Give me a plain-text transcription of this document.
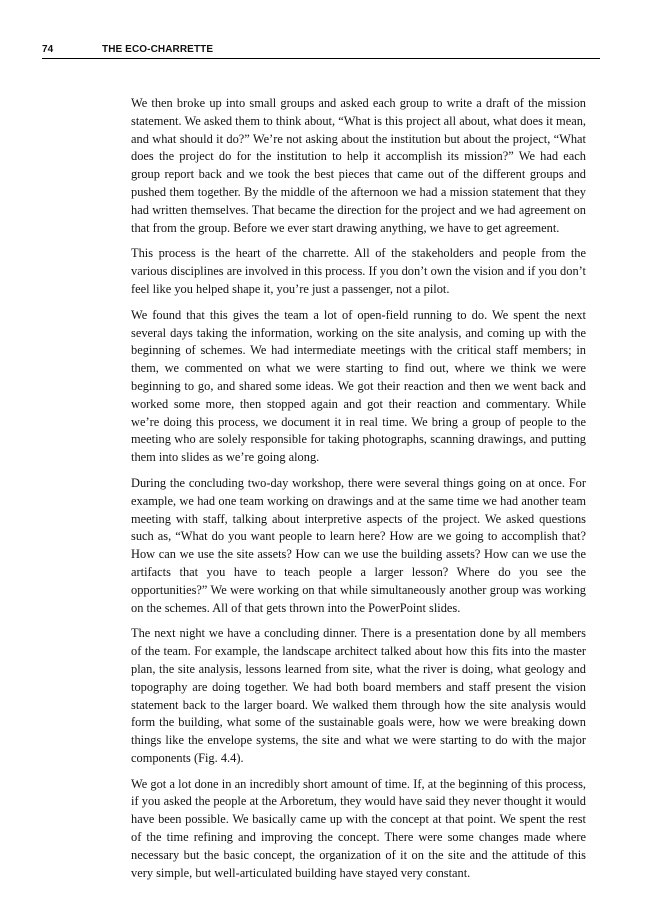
74	THE ECO-CHARRETTE

We then broke up into small groups and asked each group to write a draft of the mission statement. We asked them to think about, “What is this project all about, what does it mean, and what should it do?” We’re not asking about the institution but about the project, “What does the project do for the institution to help it accomplish its mission?” We had each group report back and we took the best pieces that came out of the different groups and pushed them together. By the middle of the afternoon we had a mission statement that they had written themselves. That became the direction for the project and we had agreement on that from the group. Before we ever start drawing anything, we have to get agreement.

This process is the heart of the charrette. All of the stakeholders and people from the various disciplines are involved in this process. If you don’t own the vision and if you don’t feel like you helped shape it, you’re just a passenger, not a pilot.

We found that this gives the team a lot of open-field running to do. We spent the next several days taking the information, working on the site analysis, and coming up with the beginning of schemes. We had intermediate meetings with the critical staff members; in them, we commented on what we were starting to find out, where we think we were beginning to go, and shared some ideas. We got their reaction and then we went back and worked some more, then stopped again and got their reaction and commentary. While we’re doing this process, we document it in real time. We bring a group of people to the meeting who are solely responsible for taking photographs, scanning drawings, and putting them into slides as we’re going along.

During the concluding two-day workshop, there were several things going on at once. For example, we had one team working on drawings and at the same time we had another team meeting with staff, talking about interpretive aspects of the project. We asked questions such as, “What do you want people to learn here? How are we going to accomplish that? How can we use the site assets? How can we use the building assets? How can we use the artifacts that you have to teach people a larger lesson? Where do you see the opportunities?” We were working on that while simultaneously another group was working on the schemes. All of that gets thrown into the PowerPoint slides.

The next night we have a concluding dinner. There is a presentation done by all members of the team. For example, the landscape architect talked about how this fits into the master plan, the site analysis, lessons learned from site, what the river is doing, what geology and topography are doing together. We had both board members and staff present the vision statement back to the larger board. We walked them through how the site analysis would form the building, what some of the sustainable goals were, how we were breaking down things like the envelope systems, the site and what we were starting to do with the major components (Fig. 4.4).

We got a lot done in an incredibly short amount of time. If, at the beginning of this process, if you asked the people at the Arboretum, they would have said they never thought it would have been possible. We basically came up with the concept at that point. We spent the rest of the time refining and improving the concept. There were some changes made where necessary but the basic concept, the organization of it on the site and the attitude of this very simple, but well-articulated building have stayed very constant.
